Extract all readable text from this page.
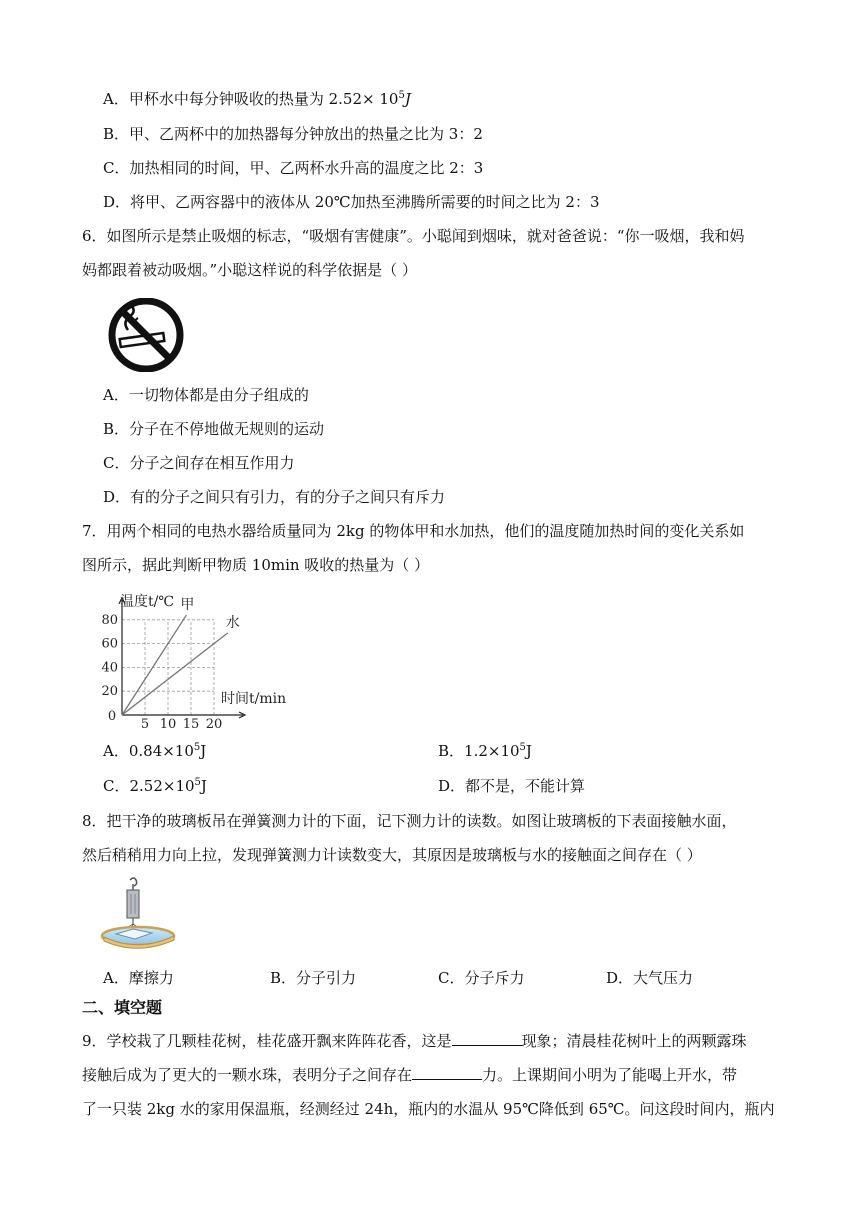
A．甲杯水中每分钟吸收的热量为 $2.52\times 10^5J$
B．甲、乙两杯中的加热器每分钟放出的热量之比为 3：2
C．加热相同的时间，甲、乙两杯水升高的温度之比 2：3
D．将甲、乙两容器中的液体从 20℃加热至沸腾所需要的时间之比为 2：3
6．如图所示是禁止吸烟的标志，“吸烟有害健康”。小聪闻到烟味，就对爸爸说：“你一吸烟，我和妈
妈都跟着被动吸烟。”小聪这样说的科学依据是（ ）
A．一切物体都是由分子组成的
B．分子在不停地做无规则的运动
C．分子之间存在相互作用力
D．有的分子之间只有引力，有的分子之间只有斥力
7．用两个相同的电热水器给质量同为 2kg 的物体甲和水加热，他们的温度随加热时间的变化关系如
图所示，据此判断甲物质 10min 吸收的热量为（ ）
5 10 15 20
20
40
60
80
0
温度t/℃
时间t/min
甲
水
A．$0.84\times 10^5J$	B．$1.2\times 10^5J$
C．$2.52\times 10^5J$	D．都不是，不能计算
8．把干净的玻璃板吊在弹簧测力计的下面，记下测力计的读数。如图让玻璃板的下表面接触水面，
然后稍稍用力向上拉，发现弹簧测力计读数变大，其原因是玻璃板与水的接触面之间存在（ ）
A．摩擦力	B．分子引力	C．分子斥力	D．大气压力
二、填空题
9．学校栽了几颗桂花树，桂花盛开飘来阵阵花香，这是	现象；清晨桂花树叶上的两颗露珠
接触后成为了更大的一颗水珠，表明分子之间存在	力。上课期间小明为了能喝上开水，带
了一只装 2kg 水的家用保温瓶，经测经过 24h，瓶内的水温从 95℃降低到 65℃。问这段时间内，瓶内
